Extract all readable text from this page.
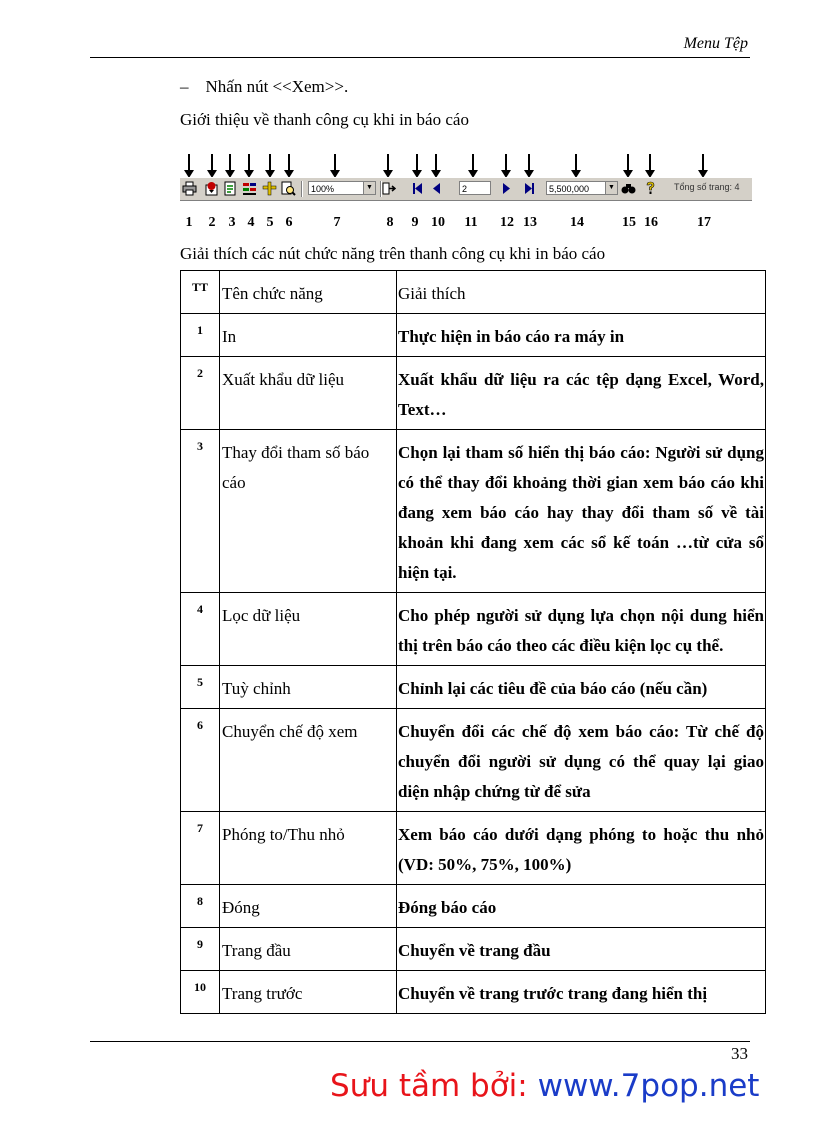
Menu Tệp
– Nhấn nút <<Xem>>.
Giới thiệu về thanh công cụ khi in báo cáo
100%	▼	2	5,500,000	▼	Tổng số trang: 4
1 2 3 4 5 6	7	8 9 10 11 12 13 14	15 16	17
Giải thích các nút chức năng trên thanh công cụ khi in báo cáo
TT	Tên chức năng	Giải thích
1	In	Thực hiện in báo cáo ra máy in
2	Xuất khẩu dữ liệu	Xuất khẩu dữ liệu ra các tệp dạng Excel, Word, Text…
3	Thay đổi tham số báo cáo	Chọn lại tham số hiển thị báo cáo: Người sử dụng có thể thay đổi khoảng thời gian xem báo cáo khi đang xem báo cáo hay thay đổi tham số về tài khoản khi đang xem các sổ kế toán …từ cửa sổ hiện tại.
4	Lọc dữ liệu	Cho phép người sử dụng lựa chọn nội dung hiển thị trên báo cáo theo các điều kiện lọc cụ thể.
5	Tuỳ chỉnh	Chỉnh lại các tiêu đề của báo cáo (nếu cần)
6	Chuyển chế độ xem	Chuyển đổi các chế độ xem báo cáo: Từ chế độ chuyển đổi người sử dụng có thể quay lại giao diện nhập chứng từ để sửa
7	Phóng to/Thu nhỏ	Xem báo cáo dưới dạng phóng to hoặc thu nhỏ (VD: 50%, 75%, 100%)
8	Đóng	Đóng báo cáo
9	Trang đầu	Chuyển về trang đầu
10	Trang trước	Chuyển về trang trước trang đang hiển thị
33
Sưu tầm bởi: www.7pop.net
